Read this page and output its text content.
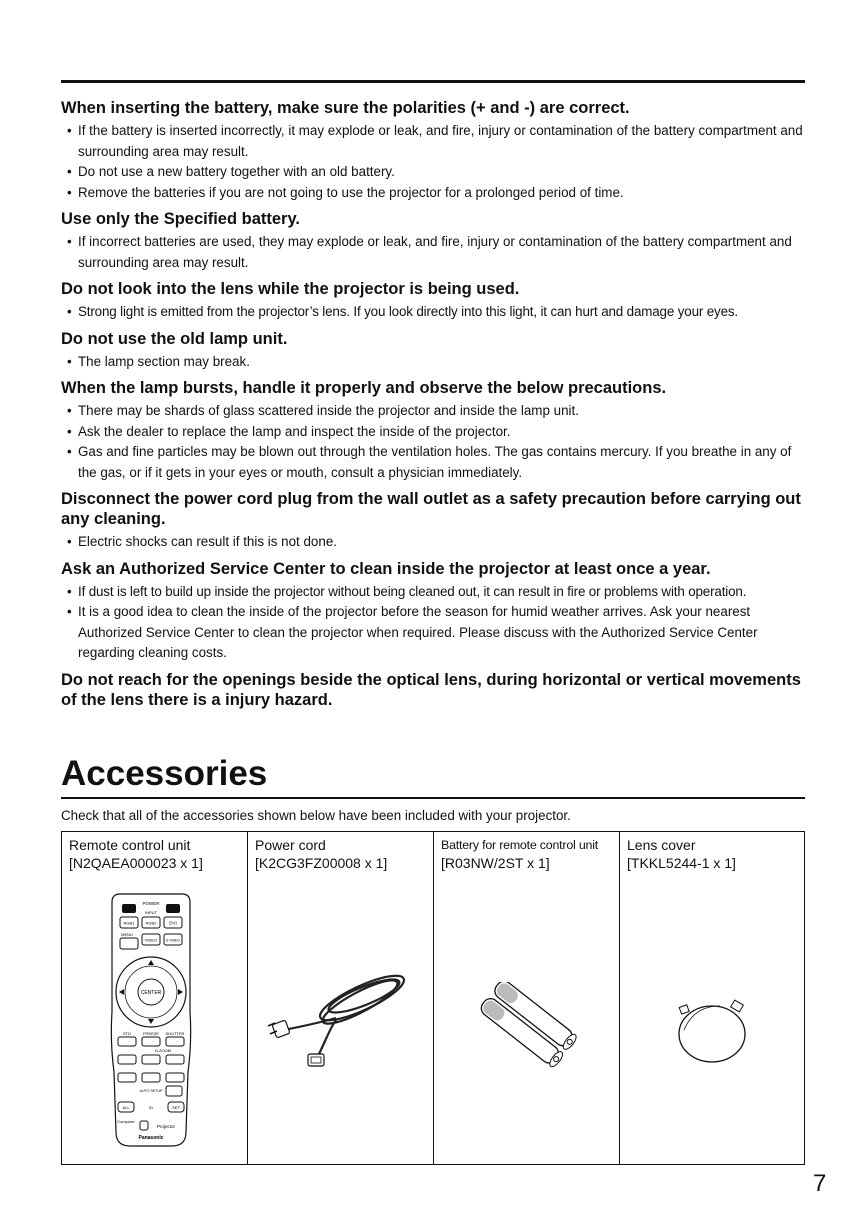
When inserting the battery, make sure the polarities (+ and -) are correct.
• If the battery is inserted incorrectly, it may explode or leak, and fire, injury or contamination of the battery compartment and surrounding area may result.
• Do not use a new battery together with an old battery.
• Remove the batteries if you are not going to use the projector for a prolonged period of time.
Use only the Specified battery.
• If incorrect batteries are used, they may explode or leak, and fire, injury or contamination of the battery compartment and surrounding area may result.
Do not look into the lens while the projector is being used.
• Strong light is emitted from the projector’s lens. If you look directly into this light, it can hurt and damage your eyes.
Do not use the old lamp unit.
• The lamp section may break.
When the lamp bursts, handle it properly and observe the below precautions.
• There may be shards of glass scattered inside the projector and inside the lamp unit.
• Ask the dealer to replace the lamp and inspect the inside of the projector.
• Gas and fine particles may be blown out through the ventilation holes. The gas contains mercury. If you breathe in any of the gas, or if it gets in your eyes or mouth, consult a physician immediately.
Disconnect the power cord plug from the wall outlet as a safety precaution before carrying out any cleaning.
• Electric shocks can result if this is not done.
Ask an Authorized Service Center to clean inside the projector at least once a year.
• If dust is left to build up inside the projector without being cleaned out, it can result in fire or problems with operation.
• It is a good idea to clean the inside of the projector before the season for humid weather arrives. Ask your nearest Authorized Service Center to clean the projector when required. Please discuss with the Authorized Service Center regarding cleaning costs.
Do not reach for the openings beside the optical lens, during horizontal or vertical movements of the lens there is a injury hazard.
Accessories
Check that all of the accessories shown below have been included with your projector.
Remote control unit
[N2QAEA000023 x 1]
POWER
INPUT
RGB1	RGB2	DVI
MENU
VIDEO	S-VIDEO
CENTER
STD	FREEZE SHUTTER
D.ZOOM
AUTO SETUP
ALL	ID	SET
Computer
Projector
Panasonic
Power cord
[K2CG3FZ00008 x 1]
Battery for remote control unit
[R03NW/2ST x 1]
Lens cover
[TKKL5244-1 x 1]
7
